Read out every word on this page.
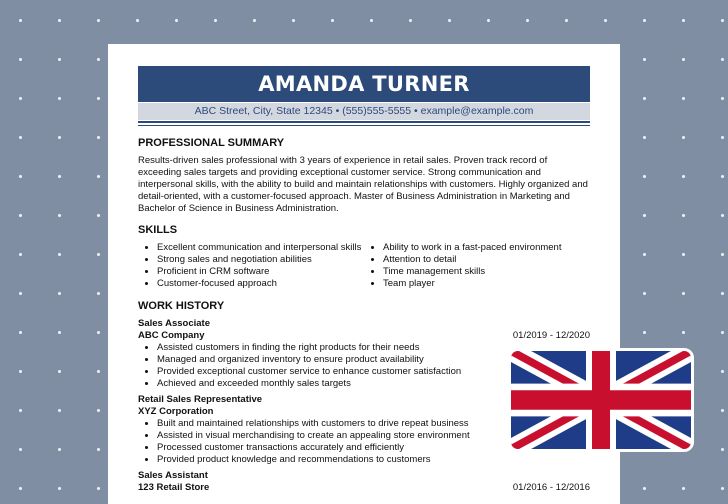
AMANDA TURNER
ABC Street, City, State 12345 • (555)555-5555 • example@example.com
PROFESSIONAL SUMMARY

Results-driven sales professional with 3 years of experience in retail sales. Proven track record of exceeding sales targets and providing exceptional customer service. Strong communication and interpersonal skills, with the ability to build and maintain relationships with customers. Highly organized and detail-oriented, with a customer-focused approach. Master of Business Administration in Marketing and Bachelor of Science in Business Administration.

SKILLS
• Excellent communication and interpersonal skills
• Strong sales and negotiation abilities
• Proficient in CRM software
• Customer-focused approach
• Ability to work in a fast-paced environment
• Attention to detail
• Time management skills
• Team player
WORK HISTORY
Sales Associate
ABC Company	01/2019 - 12/2020
• Assisted customers in finding the right products for their needs
• Managed and organized inventory to ensure product availability
• Provided exceptional customer service to enhance customer satisfaction
• Achieved and exceeded monthly sales targets
Retail Sales Representative
XYZ Corporation
• Built and maintained relationships with customers to drive repeat business
• Assisted in visual merchandising to create an appealing store environment
• Processed customer transactions accurately and efficiently
• Provided product knowledge and recommendations to customers
Sales Assistant
123 Retail Store	01/2016 - 12/2016
